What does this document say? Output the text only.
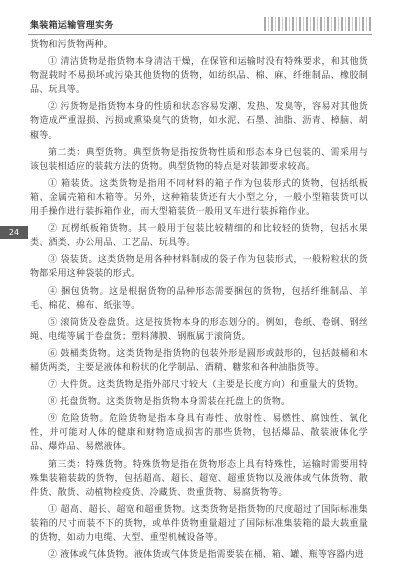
集装箱运输管理实务
24

货物和污货物两种。

① 清洁货物是指货物本身清洁干燥，在保管和运输时没有特殊要求，和其他货物混载时不易损坏或污染其他货物的货物，如纺织品、棉、麻、纤维制品、橡胶制品、玩具等。

② 污货物是指货物本身的性质和状态容易发潮、发热、发臭等，容易对其他货物造成严重湿损、污损或熏染臭气的货物，如水泥、石墨、油脂、沥青、樟脑、胡椒等。

第二类：典型货物。典型货物是指按货物性质和形态本身已包装的、需采用与该包装相适应的装载方法的货物。典型货物的特点是对装卸要求较高。

① 箱装货。这类货物是指用不同材料的箱子作为包装形式的货物，包括纸板箱、金属壳箱和木箱等。另外，这种箱装货还有大小型之分，一般小型箱装货可以用手操作进行装拆箱作业，而大型箱装货一般用叉车进行装拆箱作业。

② 瓦楞纸板箱货物。其一般用于包装比较精细的和比较轻的货物，包括水果类、酒类、办公用品、工艺品、玩具等。

③ 袋装货。这类货物是用各种材料制成的袋子作为包装形式，一般粉粒状的货物都采用这种袋装的形式。

④ 捆包货物。这是根据货物的品种形态需要捆包的货物，包括纤维制品、羊毛、棉花、棉布、纸张等。

⑤ 滚筒货及卷盘货。这是按货物本身的形态划分的。例如，卷纸、卷钢、钢丝绳、电缆等属于卷盘货；塑料薄膜、钢瓶属于滚筒货。

⑥ 鼓桶类货物。这类货物是指货物的包装外形是圆形或鼓形的，包括鼓桶和木桶货两类，主要是液体和粉状的化学制品、酒精、糖浆和各种油脂货等。

⑦ 大件货。这类货物是指外部尺寸较大（主要是长度方向）和重量大的货物。

⑧ 托盘货物。这类货物是指货物本身需装在托盘上的货物。

⑨ 危险货物。危险货物是指本身具有毒性、放射性、易燃性、腐蚀性、氧化性，并可能对人体的健康和财物造成损害的那些货物，包括爆品、散装液体化学品、爆炸品、易燃液体。

第三类：特殊货物。特殊货物是指在货物形态上具有特殊性，运输时需要用特殊集装箱装载的货物，包括超高、超长、超宽、超重货物以及液体或气体货物、散件货、散货、动植物检疫货、冷藏货、贵重货物、易腐货物等。

① 超高、超长、超宽和超重货物。这类货物是指货物的尺度超过了国际标准集装箱的尺寸而装不下的货物，或单件货物重量超过了国际标准集装箱的最大载重量的货物，如动力电缆、大型、重型机械设备等。

② 液体或气体货物。液体货或气体货是指需要装在桶、箱、罐、瓶等容器内进
